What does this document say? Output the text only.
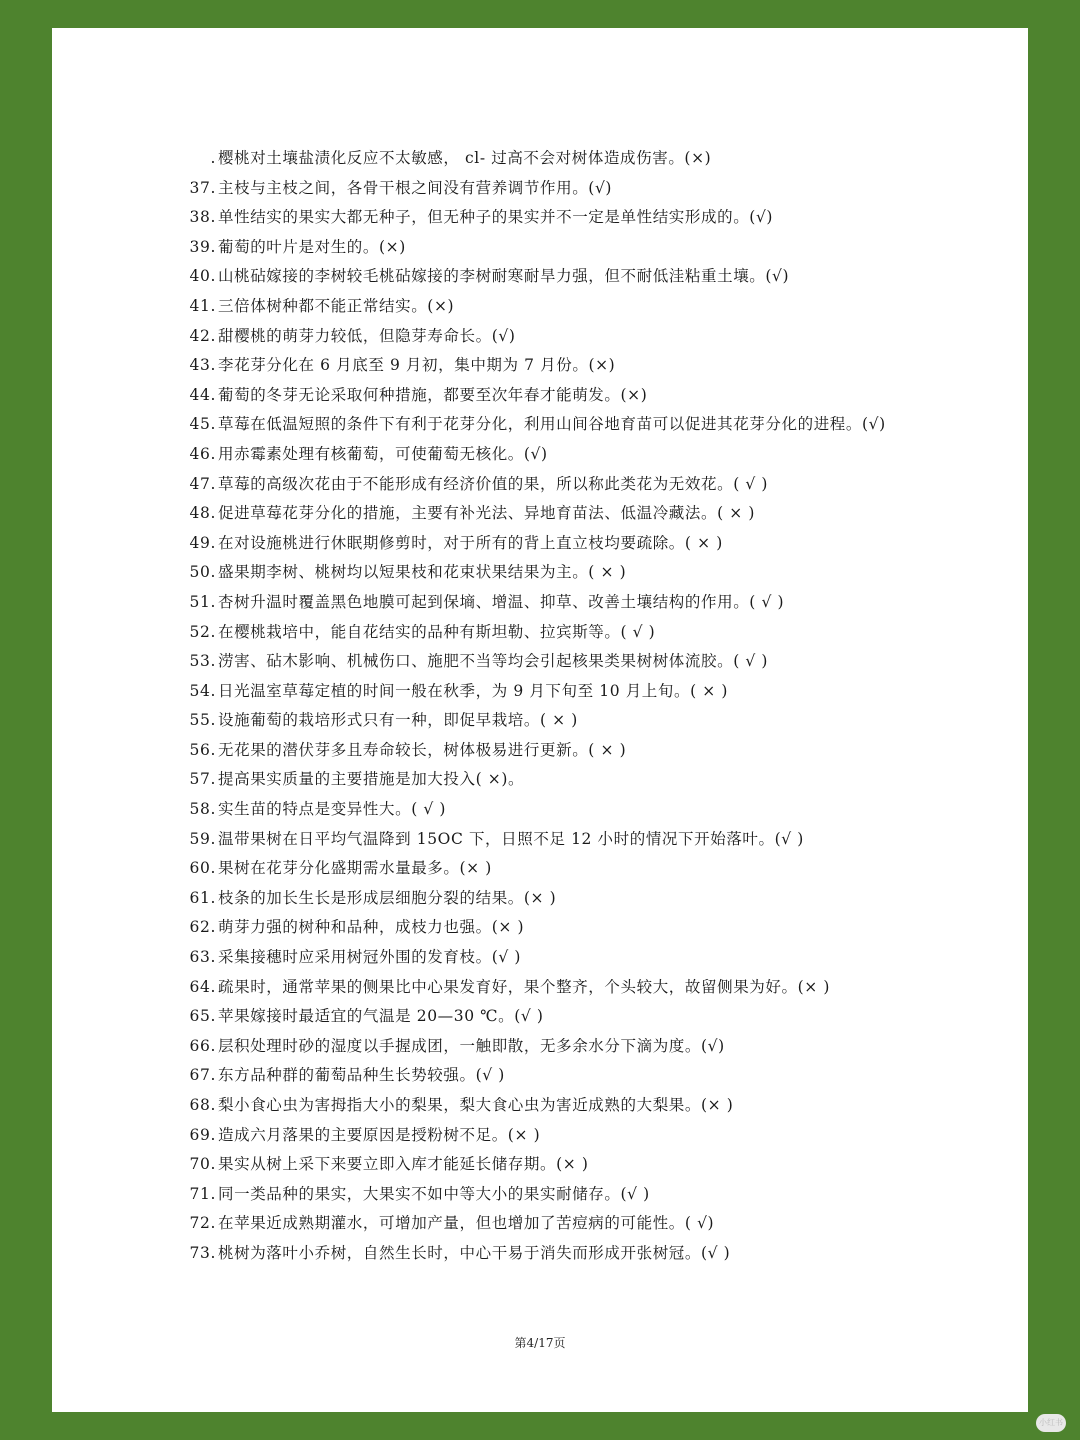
. 樱桃对土壤盐渍化反应不太敏感， cl- 过高不会对树体造成伤害。(×)
37. 主枝与主枝之间，各骨干根之间没有营养调节作用。(√)
38. 单性结实的果实大都无种子，但无种子的果实并不一定是单性结实形成的。(√)
39. 葡萄的叶片是对生的。(×)
40. 山桃砧嫁接的李树较毛桃砧嫁接的李树耐寒耐旱力强，但不耐低洼粘重土壤。(√)
41. 三倍体树种都不能正常结实。(×)
42. 甜樱桃的萌芽力较低，但隐芽寿命长。(√)
43. 李花芽分化在 6 月底至 9 月初，集中期为 7 月份。(×)
44. 葡萄的冬芽无论采取何种措施，都要至次年春才能萌发。(×)
45. 草莓在低温短照的条件下有利于花芽分化，利用山间谷地育苗可以促进其花芽分化的进程。(√)
46. 用赤霉素处理有核葡萄，可使葡萄无核化。(√)
47. 草莓的高级次花由于不能形成有经济价值的果，所以称此类花为无效花。( √ )
48. 促进草莓花芽分化的措施，主要有补光法、异地育苗法、低温冷藏法。( × )
49. 在对设施桃进行休眠期修剪时，对于所有的背上直立枝均要疏除。( × )
50. 盛果期李树、桃树均以短果枝和花束状果结果为主。( × )
51. 杏树升温时覆盖黑色地膜可起到保墒、增温、抑草、改善土壤结构的作用。( √ )
52. 在樱桃栽培中，能自花结实的品种有斯坦勒、拉宾斯等。( √ )
53. 涝害、砧木影响、机械伤口、施肥不当等均会引起核果类果树树体流胶。( √ )
54. 日光温室草莓定植的时间一般在秋季，为 9 月下旬至 10 月上旬。( × )
55. 设施葡萄的栽培形式只有一种，即促早栽培。( × )
56. 无花果的潜伏芽多且寿命较长，树体极易进行更新。( × )
57. 提高果实质量的主要措施是加大投入( ×)。
58. 实生苗的特点是变异性大。( √ )
59. 温带果树在日平均气温降到 15OC 下，日照不足 12 小时的情况下开始落叶。(√ )
60. 果树在花芽分化盛期需水量最多。(× )
61. 枝条的加长生长是形成层细胞分裂的结果。(× )
62. 萌芽力强的树种和品种，成枝力也强。(× )
63. 采集接穗时应采用树冠外围的发育枝。(√ )
64. 疏果时，通常苹果的侧果比中心果发育好，果个整齐，个头较大，故留侧果为好。(× )
65. 苹果嫁接时最适宜的气温是 20—30 ℃。(√ )
66. 层积处理时砂的湿度以手握成团，一触即散，无多余水分下滴为度。(√)
67. 东方品种群的葡萄品种生长势较强。(√ )
68. 梨小食心虫为害拇指大小的梨果，梨大食心虫为害近成熟的大梨果。(× )
69. 造成六月落果的主要原因是授粉树不足。(× )
70. 果实从树上采下来要立即入库才能延长储存期。(× )
71. 同一类品种的果实，大果实不如中等大小的果实耐储存。(√ )
72. 在苹果近成熟期灌水，可增加产量，但也增加了苦痘病的可能性。( √)
73. 桃树为落叶小乔树，自然生长时，中心干易于消失而形成开张树冠。(√ )
第4/17页
小红书
